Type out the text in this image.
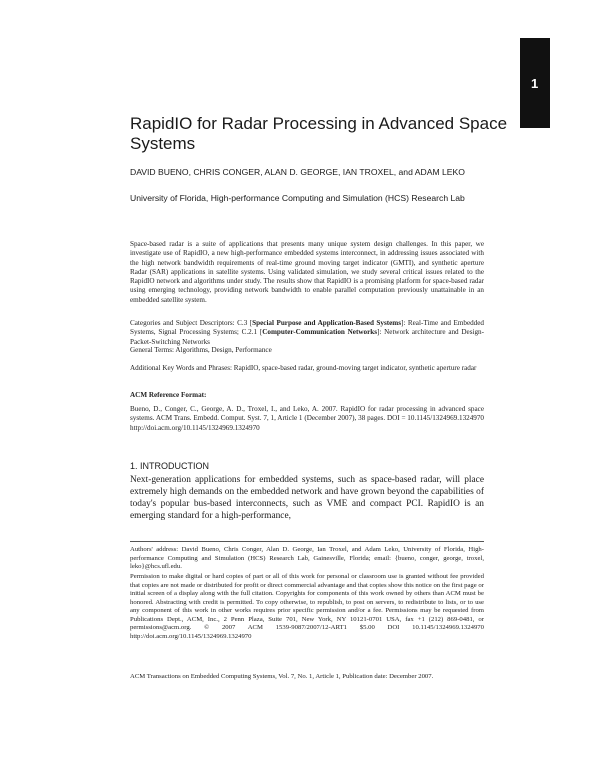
1
RapidIO for Radar Processing in Advanced Space Systems
DAVID BUENO, CHRIS CONGER, ALAN D. GEORGE, IAN TROXEL, and ADAM LEKO
University of Florida, High-performance Computing and Simulation (HCS) Research Lab

Space-based radar is a suite of applications that presents many unique system design challenges. In this paper, we investigate use of RapidIO, a new high-performance embedded systems interconnect, in addressing issues associated with the high network bandwidth requirements of real-time ground moving target indicator (GMTI), and synthetic aperture Radar (SAR) applications in satellite systems. Using validated simulation, we study several critical issues related to the RapidIO network and algorithms under study. The results show that RapidIO is a promising platform for space-based radar using emerging technology, providing network bandwidth to enable parallel computation previously unattainable in an embedded satellite system.

Categories and Subject Descriptors: C.3 [Special Purpose and Application-Based Systems]: Real-Time and Embedded Systems, Signal Processing Systems; C.2.1 [Computer-Communication Networks]: Network architecture and Design-Packet-Switching Networks

General Terms: Algorithms, Design, Performance

Additional Key Words and Phrases: RapidIO, space-based radar, ground-moving target indicator, synthetic aperture radar

ACM Reference Format:

Bueno, D., Conger, C., George, A. D., Troxel, I., and Leko, A. 2007. RapidIO for radar processing in advanced space systems. ACM Trans. Embedd. Comput. Syst. 7, 1, Article 1 (December 2007), 38 pages. DOI = 10.1145/1324969.1324970 http://doi.acm.org/10.1145/1324969.1324970

1. INTRODUCTION

Next-generation applications for embedded systems, such as space-based radar, will place extremely high demands on the embedded network and have grown beyond the capabilities of today's popular bus-based interconnects, such as VME and compact PCI. RapidIO is an emerging standard for a high-performance,

Authors' address: David Bueno, Chris Conger, Alan D. George, Ian Troxel, and Adam Leko, University of Florida, High-performance Computing and Simulation (HCS) Research Lab, Gainesville, Florida; email: {bueno, conger, george, troxel, leko}@hcs.ufl.edu.

Permission to make digital or hard copies of part or all of this work for personal or classroom use is granted without fee provided that copies are not made or distributed for profit or direct commercial advantage and that copies show this notice on the first page or initial screen of a display along with the full citation. Copyrights for components of this work owned by others than ACM must be honored. Abstracting with credit is permitted. To copy otherwise, to republish, to post on servers, to redistribute to lists, or to use any component of this work in other works requires prior specific permission and/or a fee. Permissions may be requested from Publications Dept., ACM, Inc., 2 Penn Plaza, Suite 701, New York, NY 10121-0701 USA, fax +1 (212) 869-0481, or permissions@acm.org. © 2007 ACM 1539-9087/2007/12-ART1 $5.00 DOI 10.1145/1324969.1324970 http://doi.acm.org/10.1145/1324969.1324970

ACM Transactions on Embedded Computing Systems, Vol. 7, No. 1, Article 1, Publication date: December 2007.
